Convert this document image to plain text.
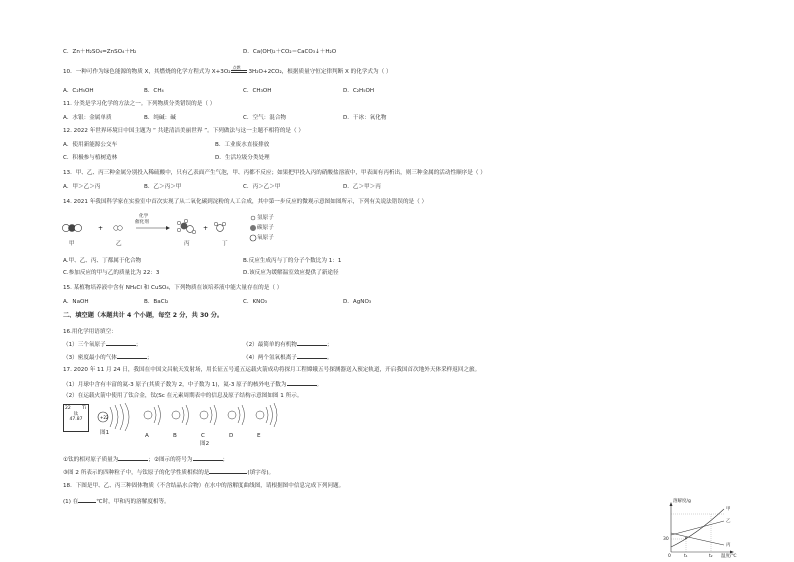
C．Zn＋H₂SO₄=ZnSO₄＋H₂	D．Ca(OH)₂＋CO₂＝CaCO₃↓＋H₂O
10．一种可作为绿色能源的物质 X，其燃烧的化学方程式为 X+3O₂
点燃
3H₂O+2CO₂，根据质量守恒定律判断 X 的化学式为（ ）
A．C₂H₅OH	B．CH₄	C．CH₃OH	D．C₂H₅OH
11. 分类是学习化学的方法之一。下列物质分类错误的是（ ）
A．水银：金属单质	B．纯碱：碱	C．空气：混合物	D．干冰：氧化物
12. 2022 年世界环境日中国主题为 “ 共建清洁美丽世界 ”。下列做法与这一主题不相符的是（ ）
A．使用新能源公交车	B．工业废水直接排放
C．积极参与植树造林	D．生活垃圾分类处理
13．甲、乙、丙三种金属分别投入稀硫酸中，只有乙表面产生气泡，甲、丙都不反应；如果把甲投入丙的硝酸盐溶液中，甲表面有丙析出，则三种金属的活动性顺序是（ ）
A．甲＞乙＞丙	B．乙＞丙＞甲	C．丙＞乙＞甲	D．乙＞甲＞丙
14. 2021 年我国科学家在实验室中首次实现了从二氧化碳到淀粉的人工合成，其中第一步反应的微观示意图如图所示，下列有关说法错误的是（ ）
+	+
化学
催化剂
甲	乙	丙	丁
氢原子
碳原子
氧原子
A.甲、乙、丙、丁都属于化合物	B.反应生成丙与丁的分子个数比为 1：1
C.参加反应的甲与乙的质量比为 22：3	D.该反应为缓解温室效应提供了新途径
15. 某植物培养液中含有 NH₄Cl 和 CuSO₄，下列物质在该培养液中能大量存在的是（ ）
A．NaOH	B．BaCl₂	C．KNO₃	D．AgNO₃
二、填空题（本题共计 4 个小题，每空 2 分，共 30 分。
16.用化学用语填空：
（1）三个氧原子	；	（2）最简单的有机物	；
（3）密度最小的气体	；	（4）两个氢氧根离子	。
17. 2020 年 11 月 24 日，我国在中国文昌航天发射场，用长征五号遥五运载火箭成功将探月工程嫦娥五号探测器送入预定轨道，开启我国首次地外天体采样返回之旅。
（1）月球中含有丰富的氦-3 原子(其质子数为 2，中子数为 1)，氦-3 原子的核外电子数为	。
（2）在运载火箭中使用了钛合金，钛(Sc 在元素周期表中的信息及原子结构示意图如图 1 所示。
22	Ti
钛
47.87	+22
图1	A	B	C	D	E
图2
①钛的相对原子质量为	；②图示的符号为	；
③图 2 所表示的四种粒子中，与钛原子的化学性质相似的是	(填字母)。
18．下图是甲、乙、丙三种固体物质（不含结晶水合物）在水中的溶解度曲线图，请根据图中信息完成下列问题。
(1) 在	℃时，甲和丙的溶解度相等。	溶解度/g
甲
乙
丙
30
0	t₁	t₂ 温度/℃
